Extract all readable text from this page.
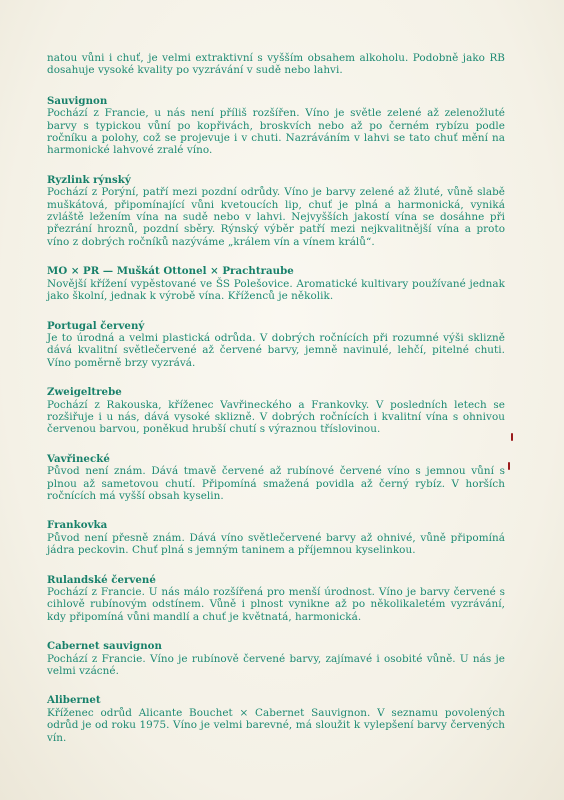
natou vůni i chuť, je velmi extraktivní s vyšším obsahem alkoholu. Podobně jako RB dosahuje vysoké kvality po vyzrávání v sudě nebo lahvi.

Sauvignon

Pochází z Francie, u nás není příliš rozšířen. Víno je světle zelené až zelenožluté barvy s typickou vůní po kopřivách, broskvích nebo až po černém rybízu podle ročníku a polohy, což se projevuje i v chuti. Nazráváním v lahvi se tato chuť mění na harmonické lahvové zralé víno.

Ryzlink rýnský

Pochází z Porýní, patří mezi pozdní odrůdy. Víno je barvy zelené až žluté, vůně slabě muškátová, připomínající vůni kvetoucích lip, chuť je plná a harmonická, vyniká zvláště ležením vína na sudě nebo v lahvi. Nejvyšších jakostí vína se dosáhne při přezrání hroznů, pozdní sběry. Rýnský výběr patří mezi nejkvalitnější vína a proto víno z dobrých ročníků nazýváme „králem vín a vínem králů“.

MO × PR — Muškát Ottonel × Prachtraube

Novější křížení vypěstované ve ŠS Polešovice. Aromatické kultivary používané jednak jako školní, jednak k výrobě vína. Kříženců je několik.

Portugal červený

Je to úrodná a velmi plastická odrůda. V dobrých ročnících při rozumné výši sklizně dává kvalitní světlečervené až červené barvy, jemně navinulé, lehčí, pitelné chuti. Víno poměrně brzy vyzrává.

Zweigeltrebe

Pochází z Rakouska, kříženec Vavřineckého a Frankovky. V posledních letech se rozšiřuje i u nás, dává vysoké sklizně. V dobrých ročnících i kvalitní vína s ohnivou červenou barvou, poněkud hrubší chutí s výraznou tříslovinou.

Vavřinecké

Původ není znám. Dává tmavě červené až rubínové červené víno s jemnou vůní s plnou až sametovou chutí. Připomíná smažená povidla až černý rybíz. V horších ročnících má vyšší obsah kyselin.

Frankovka

Původ není přesně znám. Dává víno světlečervené barvy až ohnivé, vůně připomíná jádra peckovin. Chuť plná s jemným taninem a příjemnou kyselinkou.

Rulandské červené

Pochází z Francie. U nás málo rozšířená pro menší úrodnost. Víno je barvy červené s cihlově rubínovým odstínem. Vůně i plnost vynikne až po několikaletém vyzrávání, kdy připomíná vůni mandlí a chuť je květnatá, harmonická.

Cabernet sauvignon

Pochází z Francie. Víno je rubínově červené barvy, zajímavé i osobité vůně. U nás je velmi vzácné.

Alibernet

Kříženec odrůd Alicante Bouchet × Cabernet Sauvignon. V seznamu povolených odrůd je od roku 1975. Víno je velmi barevné, má sloužit k vylepšení barvy červených vín.
